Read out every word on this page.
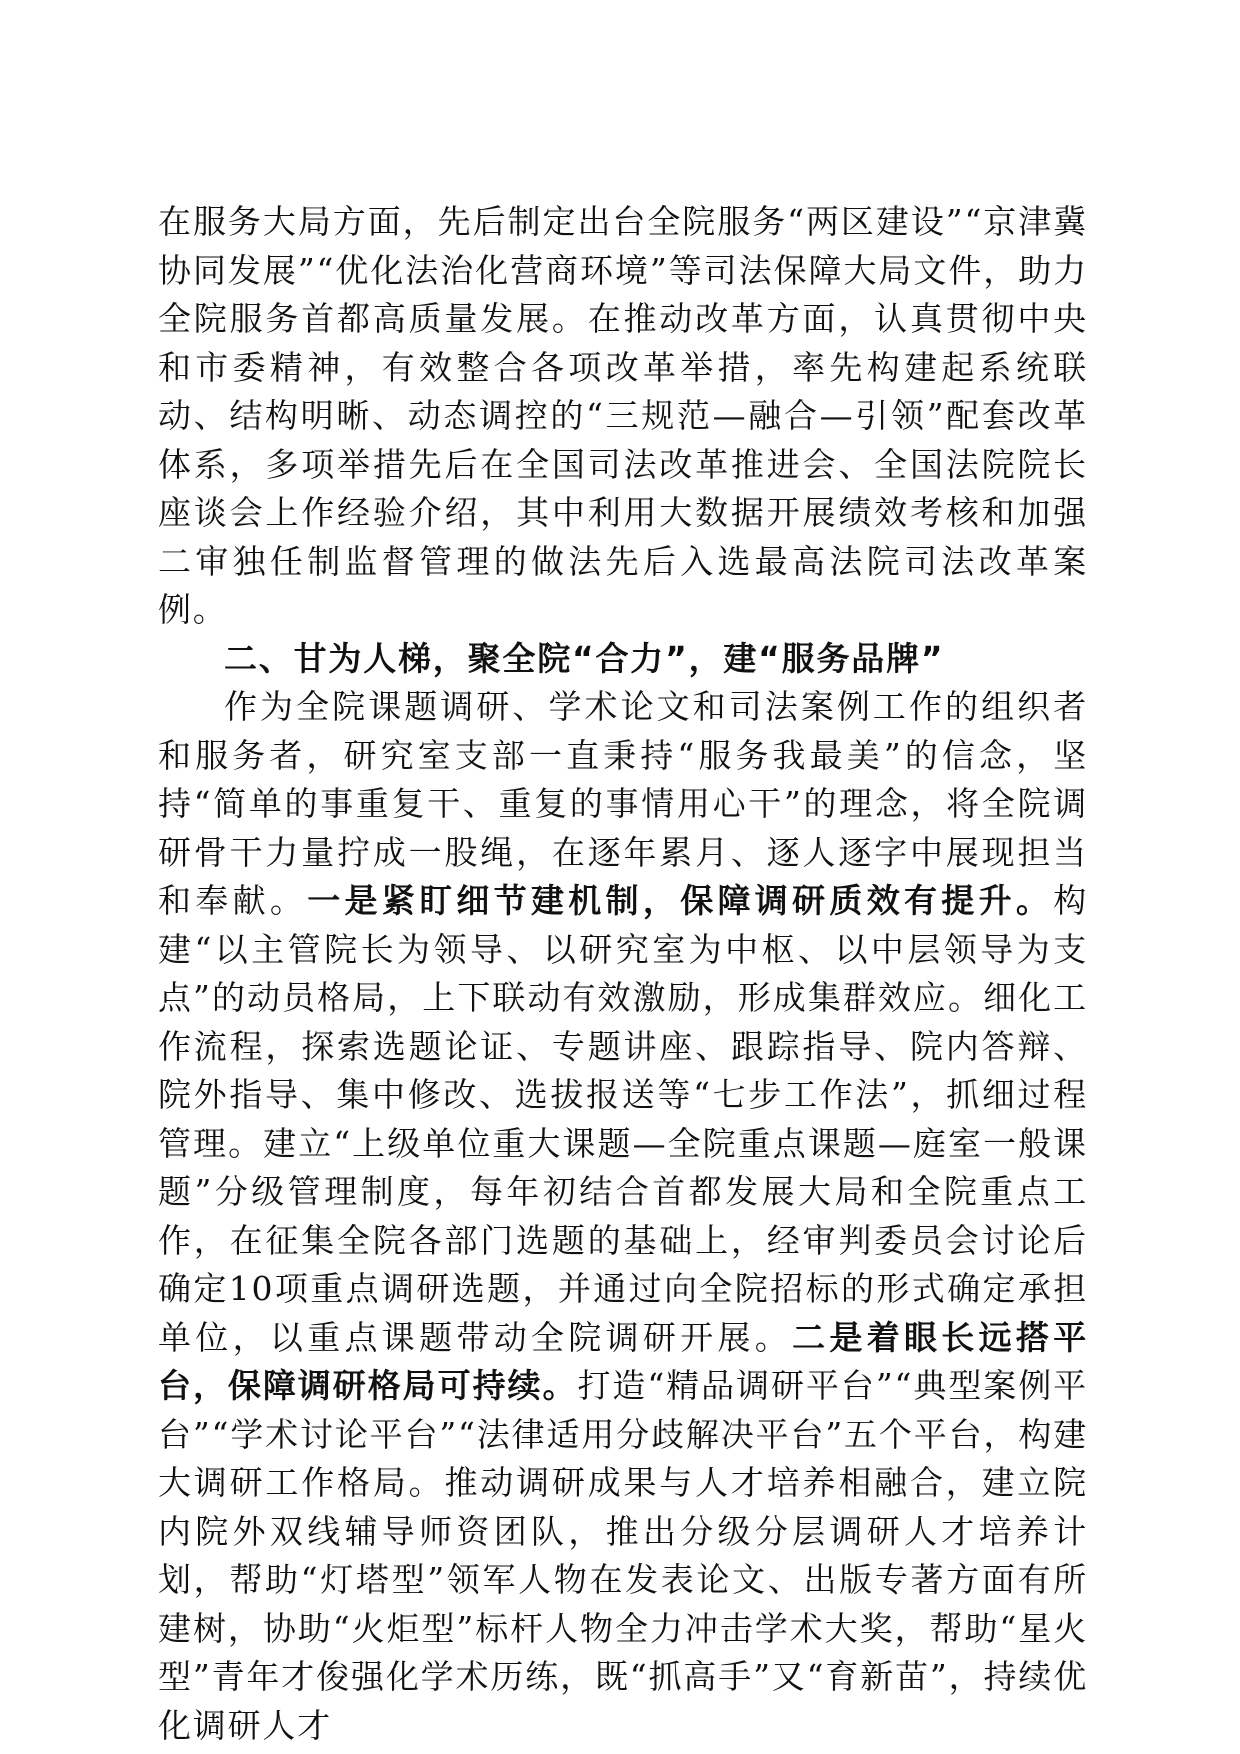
在服务大局方面，先后制定出台全院服务“两区建设”“京津冀协同发展”“优化法治化营商环境”等司法保障大局文件，助力全院服务首都高质量发展。在推动改革方面，认真贯彻中央和市委精神，有效整合各项改革举措，率先构建起系统联动、结构明晰、动态调控的“三规范—融合—引领”配套改革体系，多项举措先后在全国司法改革推进会、全国法院院长座谈会上作经验介绍，其中利用大数据开展绩效考核和加强二审独任制监督管理的做法先后入选最高法院司法改革案例。

二、甘为人梯，聚全院“合力”，建“服务品牌”

作为全院课题调研、学术论文和司法案例工作的组织者和服务者，研究室支部一直秉持“服务我最美”的信念，坚持“简单的事重复干、重复的事情用心干”的理念，将全院调研骨干力量拧成一股绳，在逐年累月、逐人逐字中展现担当和奉献。一是紧盯细节建机制，保障调研质效有提升。构建“以主管院长为领导、以研究室为中枢、以中层领导为支点”的动员格局，上下联动有效激励，形成集群效应。细化工作流程，探索选题论证、专题讲座、跟踪指导、院内答辩、院外指导、集中修改、选拔报送等“七步工作法”，抓细过程管理。建立“上级单位重大课题—全院重点课题—庭室一般课题”分级管理制度，每年初结合首都发展大局和全院重点工作，在征集全院各部门选题的基础上，经审判委员会讨论后确定10项重点调研选题，并通过向全院招标的形式确定承担单位，以重点课题带动全院调研开展。二是着眼长远搭平台，保障调研格局可持续。打造“精品调研平台”“典型案例平台”“学术讨论平台”“法律适用分歧解决平台”五个平台，构建大调研工作格局。推动调研成果与人才培养相融合，建立院内院外双线辅导师资团队，推出分级分层调研人才培养计划，帮助“灯塔型”领军人物在发表论文、出版专著方面有所建树，协助“火炬型”标杆人物全力冲击学术大奖，帮助“星火型”青年才俊强化学术历练，既“抓高手”又“育新苗”，持续优化调研人才
